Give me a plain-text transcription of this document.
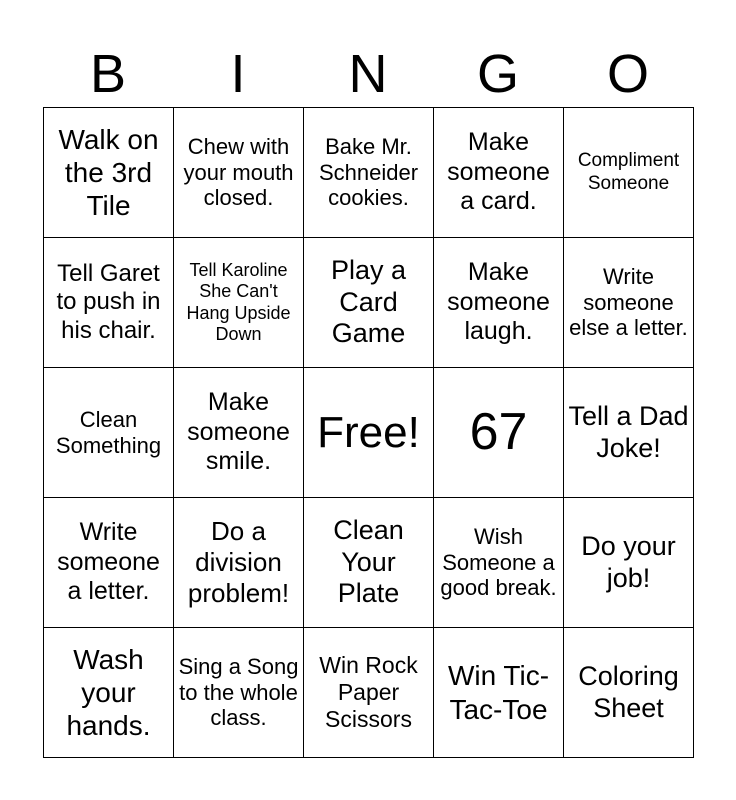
B	I	N	G	O
Walk on the 3rd Tile	Chew with your mouth closed.	Bake Mr. Schneider cookies.	Make someone a card.	Compliment Someone
Tell Garet to push in his chair.	Tell Karoline She Can't Hang Upside Down	Play a Card Game	Make someone laugh.	Write someone else a letter.
Clean Something	Make someone smile.	Free!	67	Tell a Dad Joke!
Write someone a letter.	Do a division problem!	Clean Your Plate	Wish Someone a good break.	Do your job!
Wash your hands.	Sing a Song to the whole class.	Win Rock Paper Scissors	Win Tic-Tac-Toe	Coloring Sheet
